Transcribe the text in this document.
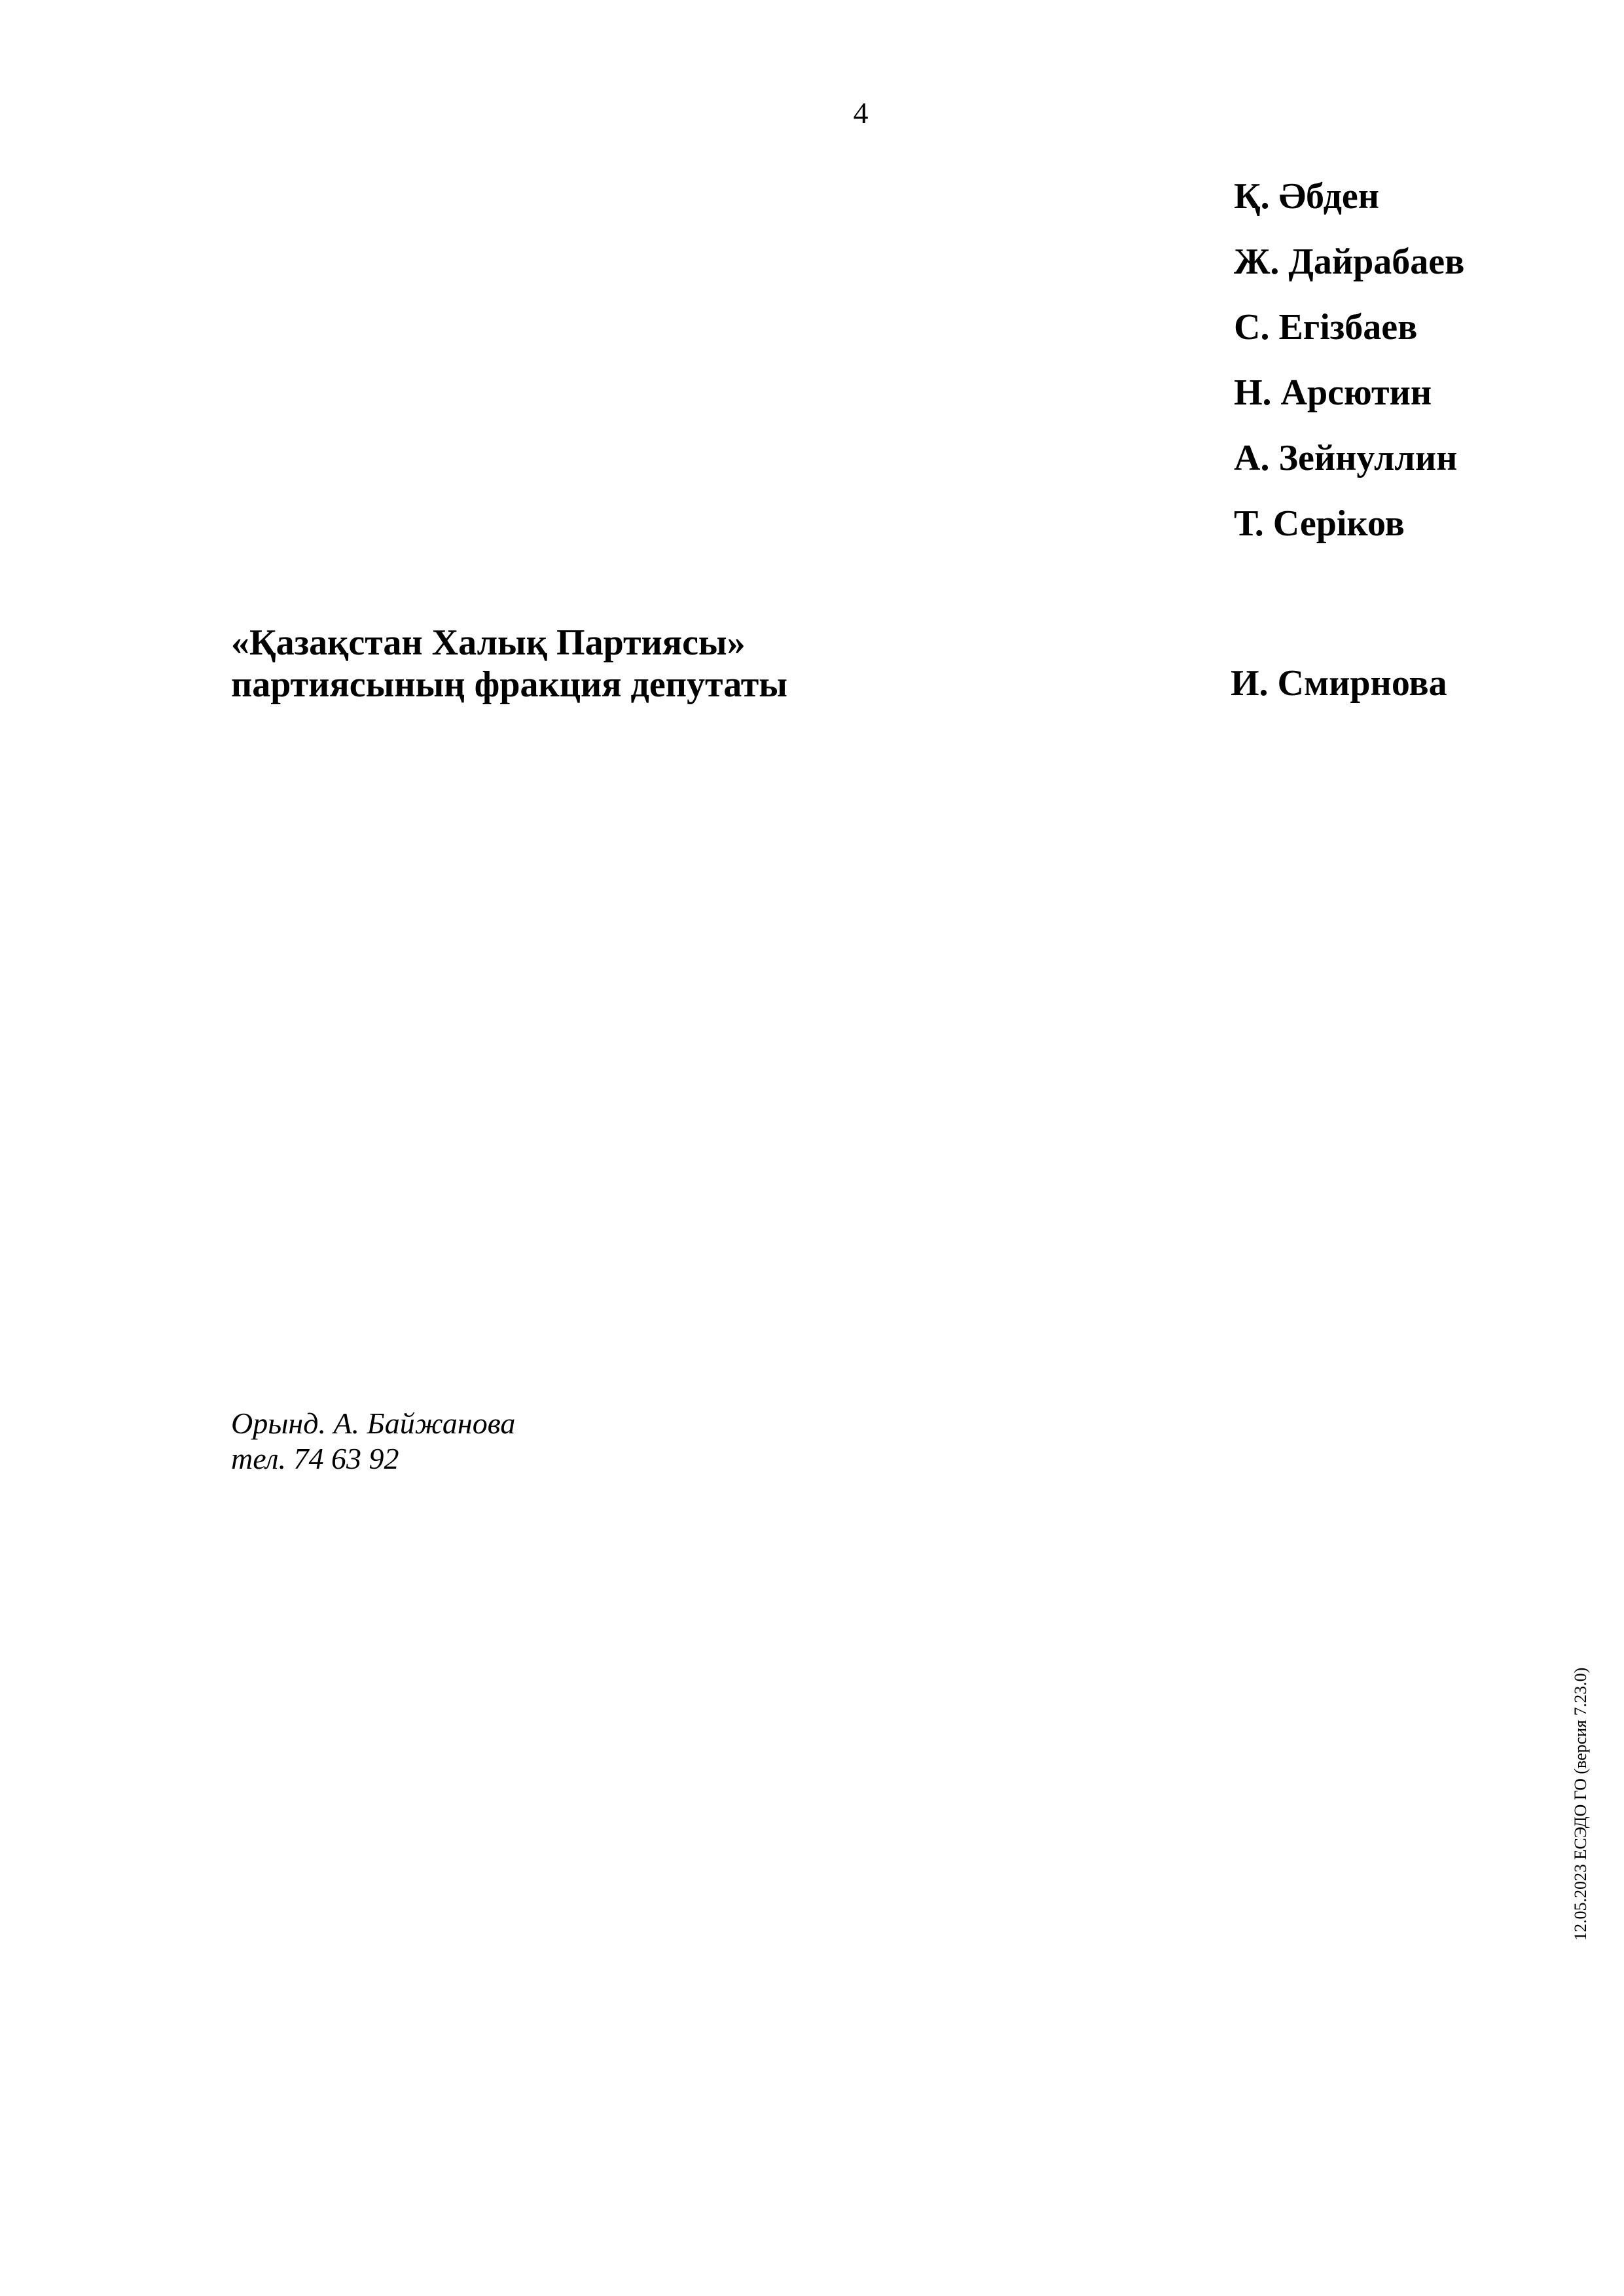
4
Қ. Әбден
Ж. Дайрабаев
С. Егізбаев
Н. Арсютин
А. Зейнуллин
Т. Серіков
«Қазақстан Халық Партиясы»
партиясының фракция депутаты	И. Смирнова
Орынд. А. Байжанова
тел. 74 63 92
12.05.2023 ЕСЭДО ГО (версия 7.23.0)
